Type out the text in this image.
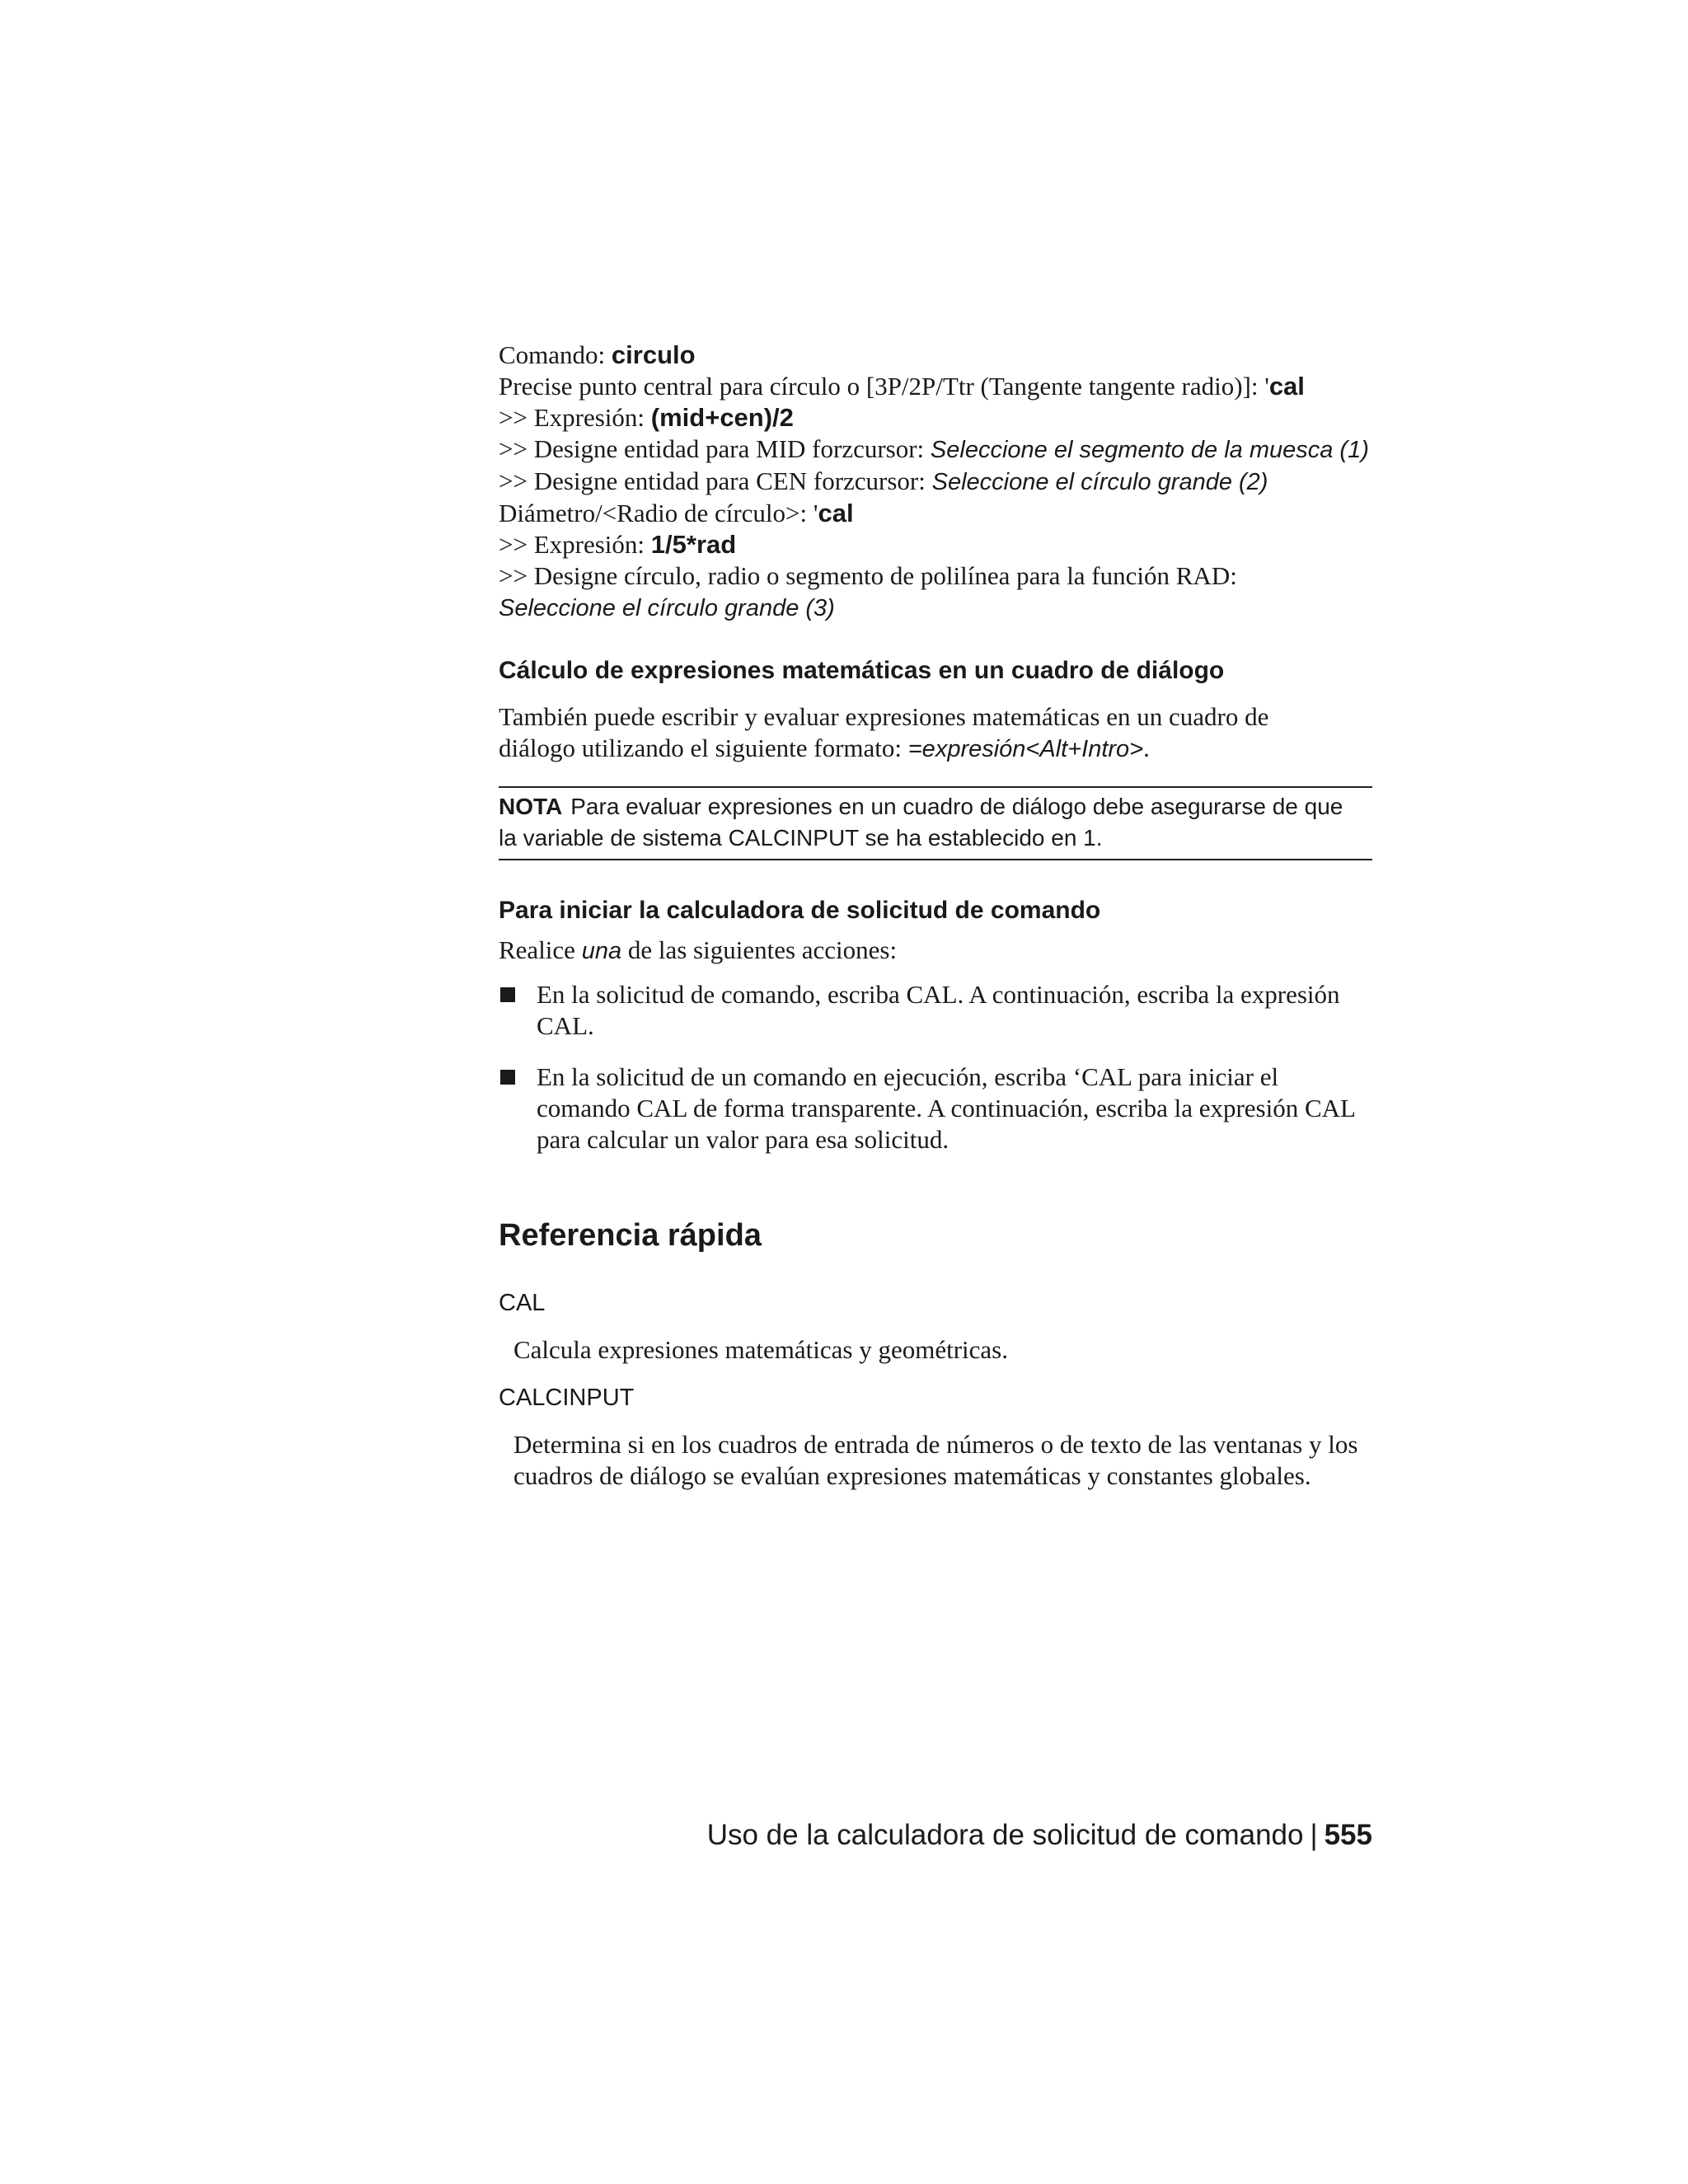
Comando: circulo
Precise punto central para círculo o [3P/2P/Ttr (Tangente tangente radio)]: 'cal
>> Expresión: (mid+cen)/2
>> Designe entidad para MID forzcursor: Seleccione el segmento de la muesca (1)
>> Designe entidad para CEN forzcursor: Seleccione el círculo grande (2)
Diámetro/<Radio de círculo>: 'cal
>> Expresión: 1/5*rad
>> Designe círculo, radio o segmento de polilínea para la función RAD:
Seleccione el círculo grande (3)
Cálculo de expresiones matemáticas en un cuadro de diálogo
También puede escribir y evaluar expresiones matemáticas en un cuadro de
diálogo utilizando el siguiente formato: =expresión<Alt+Intro>.
NOTA Para evaluar expresiones en un cuadro de diálogo debe asegurarse de que
la variable de sistema CALCINPUT se ha establecido en 1.
Para iniciar la calculadora de solicitud de comando
Realice una de las siguientes acciones:
En la solicitud de comando, escriba CAL. A continuación, escriba la expresión CAL.
En la solicitud de un comando en ejecución, escriba ‘CAL para iniciar el comando CAL de forma transparente. A continuación, escriba la expresión CAL para calcular un valor para esa solicitud.
Referencia rápida
CAL
Calcula expresiones matemáticas y geométricas.
CALCINPUT
Determina si en los cuadros de entrada de números o de texto de las ventanas y los cuadros de diálogo se evalúan expresiones matemáticas y constantes globales.
Uso de la calculadora de solicitud de comando | 555
